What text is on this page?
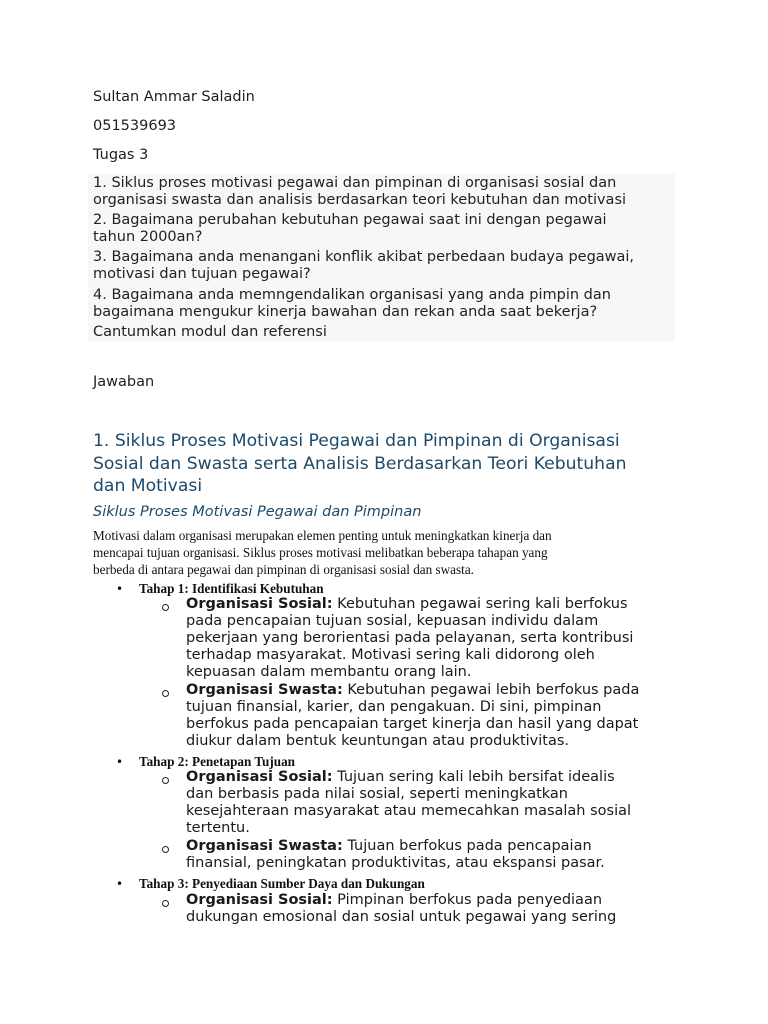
Sultan Ammar Saladin
051539693
Tugas 3
1. Siklus proses motivasi pegawai dan pimpinan di organisasi sosial dan
organisasi swasta dan analisis berdasarkan teori kebutuhan dan motivasi
2. Bagaimana perubahan kebutuhan pegawai saat ini dengan pegawai
tahun 2000an?
3. Bagaimana anda menangani konflik akibat perbedaan budaya pegawai,
motivasi dan tujuan pegawai?
4. Bagaimana anda memngendalikan organisasi yang anda pimpin dan
bagaimana mengukur kinerja bawahan dan rekan anda saat bekerja?
Cantumkan modul dan referensi
Jawaban
1. Siklus Proses Motivasi Pegawai dan Pimpinan di Organisasi
Sosial dan Swasta serta Analisis Berdasarkan Teori Kebutuhan
dan Motivasi
Siklus Proses Motivasi Pegawai dan Pimpinan
Motivasi dalam organisasi merupakan elemen penting untuk meningkatkan kinerja dan
mencapai tujuan organisasi. Siklus proses motivasi melibatkan beberapa tahapan yang
berbeda di antara pegawai dan pimpinan di organisasi sosial dan swasta.
• Tahap 1: Identifikasi Kebutuhan
Organisasi Sosial: Kebutuhan pegawai sering kali berfokus
pada pencapaian tujuan sosial, kepuasan individu dalam
pekerjaan yang berorientasi pada pelayanan, serta kontribusi
terhadap masyarakat. Motivasi sering kali didorong oleh
kepuasan dalam membantu orang lain.
Organisasi Swasta: Kebutuhan pegawai lebih berfokus pada
tujuan finansial, karier, dan pengakuan. Di sini, pimpinan
berfokus pada pencapaian target kinerja dan hasil yang dapat
diukur dalam bentuk keuntungan atau produktivitas.
• Tahap 2: Penetapan Tujuan
Organisasi Sosial: Tujuan sering kali lebih bersifat idealis
dan berbasis pada nilai sosial, seperti meningkatkan
kesejahteraan masyarakat atau memecahkan masalah sosial
tertentu.
Organisasi Swasta: Tujuan berfokus pada pencapaian
finansial, peningkatan produktivitas, atau ekspansi pasar.
• Tahap 3: Penyediaan Sumber Daya dan Dukungan
Organisasi Sosial: Pimpinan berfokus pada penyediaan
dukungan emosional dan sosial untuk pegawai yang sering
